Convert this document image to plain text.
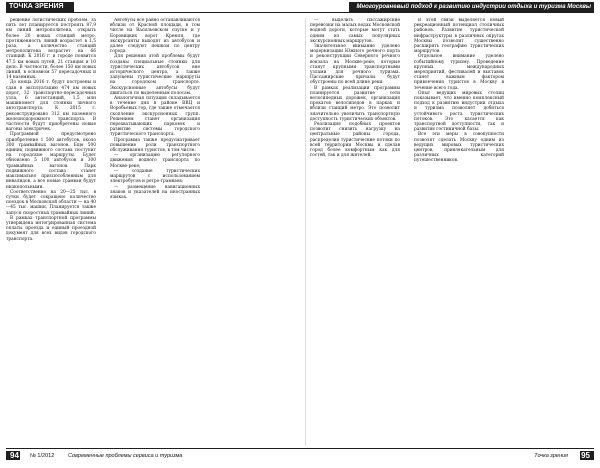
ТОЧКА ЗРЕНИЯ	Многоуровневый подход к развитию индустрии отдыха и туризма Москвы

решение логистических проблем. За пять лет планируется построить 87,9 км линий метрополитена, открыть более 20 новых станций метро, протяженность линий возрастет в 1,5 раза, а количество станций метрополитена возрастет на 66 станций. К 2016 г. в городе появится 47,5 км новых путей, 21 станция и 10 депо. В частности, более 150 км новых линий, в основном 57 пересадочных и 14 наземных.

До конца 2016 г. будут построены и сдан в эксплуатацию 474 км новых дорог, 32 транспортно-пересадочных узла, 6 автостанций, 1,5 млн машиномест для стоянки личного автотранспорта. К 2015 г. реконструировано 312 км наземного железнодорожного транспорта. В частности будут приобретены новые вагоны электричек.

Программой предусмотрено приобретение 1 500 автобусов, около 300 трамвайных вагонов. Еще 500 единиц подвижного состава поступит на городские маршруты. Будет обновлено 5 100 автобусов и 300 трамвайных вагонов. Парк подвижного состава станет максимально приспособленным для инвалидов, а все новые трамваи будут низкопольными.

Соответственно на 20—25 тыс. в сутки будет сокращено количество поездок в Московской области — на 40—45 тыс. машин. Планируется также запуск скоростных трамвайных линий.

В рамках транспортной программы утверждена интегрированная система оплаты проезда и единый проездной документ для всех видов городского транспорта.

Автобусы все равно останавливаются вблизи от Красной площади, в том числе на Васильевском спуске и у Боровицких ворот Кремля, где экскурсанты выходят из автобусов и далее следуют пешком по центру города.

Для решения этой проблемы будут созданы специальные стоянки для туристических автобусов вне исторического центра, а также запущены туристические маршруты на городском транспорте. Экскурсионные автобусы будут двигаться по выделенным полосам.

Аналогичная ситуация складывается в течение дня в районе ВВЦ и Воробьевых гор, где также отмечается скопление экскурсионных групп. Решением станет организация перехватывающих парковок и развитие системы городского туристического транспорта.

Программа также предусматривает повышение роли транспортного обслуживания туристов, в том числе:

— организацию регулярного движения водного транспорта по Москве-реке;

— создание туристических маршрутов с использованием электробусов и ретро-трамваев;

— размещение навигационных знаков и указателей на иностранных языках.

— выделить пассажирские перевозки на малых водах Московской водной дороги, которые могут стать одним из самых популярных экскурсионных маршрутов.

Значительное внимание уделено модернизации Южного речного порта и реконструкции Северного речного вокзала на Москве-реке, которые станут крупными транспортными узлами для речного туризма. Пассажирские причалы будут обустроены по всей длине реки.

В рамках реализации программы планируется развитие сети велосипедных дорожек, организация прокатов велосипедов в парках и вблизи станций метро. Это позволит значительно увеличить транспортную доступность туристических объектов.

Реализация подобных проектов позволит снизить нагрузку на центральные районы города, распределив туристические потоки по всей территории Москвы и сделав город более комфортным как для гостей, так и для жителей.

В этой связи выделяется новый рекреационный потенциал столичных районов. Развитие туристической инфраструктуры в различных округах Москвы позволит существенно расширить географию туристических маршрутов.

Отдельное внимание уделено событийному туризму. Проведение крупных международных мероприятий, фестивалей и выставок станет важным фактором привлечения туристов в Москву в течение всего года.

Опыт ведущих мировых столиц показывает, что именно комплексный подход к развитию индустрии отдыха и туризма позволяет добиться устойчивого роста туристических потоков. Это касается как транспортной доступности, так и развития гостиничной базы.

Все эти меры в совокупности позволят сделать Москву одним из ведущих мировых туристических центров, привлекательным для различных категорий путешественников.

94 № 1/2012 Современные проблемы сервиса и туризма	Точка зрения 95
